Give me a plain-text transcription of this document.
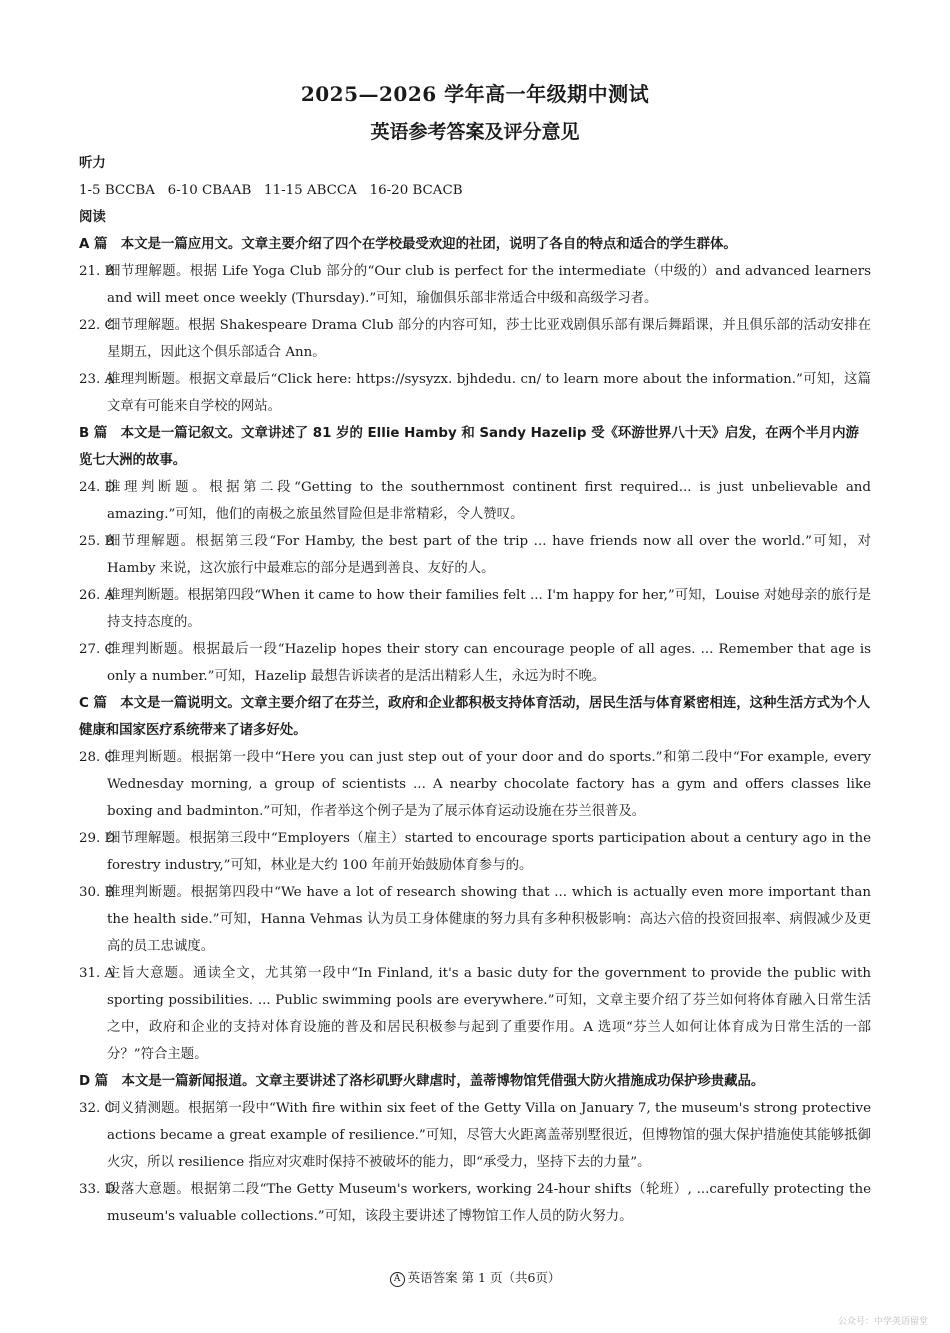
2025—2026 学年高一年级期中测试
英语参考答案及评分意见
听力
1-5 BCCBA   6-10 CBAAB   11-15 ABCCA   16-20 BCACB
阅读
A 篇　本文是一篇应用文。文章主要介绍了四个在学校最受欢迎的社团，说明了各自的特点和适合的学生群体。
21. B
细节理解题。根据 Life Yoga Club 部分的“Our club is perfect for the intermediate（中级的）and advanced learners and will meet once weekly (Thursday).”可知，瑜伽俱乐部非常适合中级和高级学习者。
22. C
细节理解题。根据 Shakespeare Drama Club 部分的内容可知，莎士比亚戏剧俱乐部有课后舞蹈课，并且俱乐部的活动安排在星期五，因此这个俱乐部适合 Ann。
23. A
推理判断题。根据文章最后“Click here: https://sysyzx. bjhdedu. cn/ to learn more about the information.”可知，这篇文章有可能来自学校的网站。
B 篇　本文是一篇记叙文。文章讲述了 81 岁的 Ellie Hamby 和 Sandy Hazelip 受《环游世界八十天》启发，在两个半月内游览七大洲的故事。
24. D
推理判断题。根据第二段“Getting to the southernmost continent first required... is just unbelievable and amazing.”可知，他们的南极之旅虽然冒险但是非常精彩，令人赞叹。
25. B
细节理解题。根据第三段“For Hamby, the best part of the trip ... have friends now all over the world.”可知，对 Hamby 来说，这次旅行中最难忘的部分是遇到善良、友好的人。
26. A
推理判断题。根据第四段“When it came to how their families felt ... I'm happy for her,”可知，Louise 对她母亲的旅行是持支持态度的。
27. C
推理判断题。根据最后一段“Hazelip hopes their story can encourage people of all ages. ... Remember that age is only a number.”可知，Hazelip 最想告诉读者的是活出精彩人生，永远为时不晚。
C 篇　本文是一篇说明文。文章主要介绍了在芬兰，政府和企业都积极支持体育活动，居民生活与体育紧密相连，这种生活方式为个人健康和国家医疗系统带来了诸多好处。
28. C
推理判断题。根据第一段中“Here you can just step out of your door and do sports.”和第二段中“For example, every Wednesday morning, a group of scientists ... A nearby chocolate factory has a gym and offers classes like boxing and badminton.”可知，作者举这个例子是为了展示体育运动设施在芬兰很普及。
29. D
细节理解题。根据第三段中“Employers（雇主）started to encourage sports participation about a century ago in the forestry industry,”可知，林业是大约 100 年前开始鼓励体育参与的。
30. B
推理判断题。根据第四段中“We have a lot of research showing that ... which is actually even more important than the health side.”可知，Hanna Vehmas 认为员工身体健康的努力具有多种积极影响：高达六倍的投资回报率、病假减少及更高的员工忠诚度。
31. A
主旨大意题。通读全文，尤其第一段中“In Finland, it's a basic duty for the government to provide the public with sporting possibilities. ... Public swimming pools are everywhere.”可知，文章主要介绍了芬兰如何将体育融入日常生活之中，政府和企业的支持对体育设施的普及和居民积极参与起到了重要作用。A 选项“芬兰人如何让体育成为日常生活的一部分？”符合主题。
D 篇　本文是一篇新闻报道。文章主要讲述了洛杉矶野火肆虐时，盖蒂博物馆凭借强大防火措施成功保护珍贵藏品。
32. C
词义猜测题。根据第一段中“With fire within six feet of the Getty Villa on January 7, the museum's strong protective actions became a great example of resilience.”可知，尽管大火距离盖蒂别墅很近，但博物馆的强大保护措施使其能够抵御火灾，所以 resilience 指应对灾难时保持不被破坏的能力，即“承受力，坚持下去的力量”。
33. D
段落大意题。根据第二段“The Getty Museum's workers, working 24-hour shifts（轮班）, ...carefully protecting the museum's valuable collections.”可知，该段主要讲述了博物馆工作人员的防火努力。
A 英语答案 第 1 页（共6页）
公众号：中学英语留堂
